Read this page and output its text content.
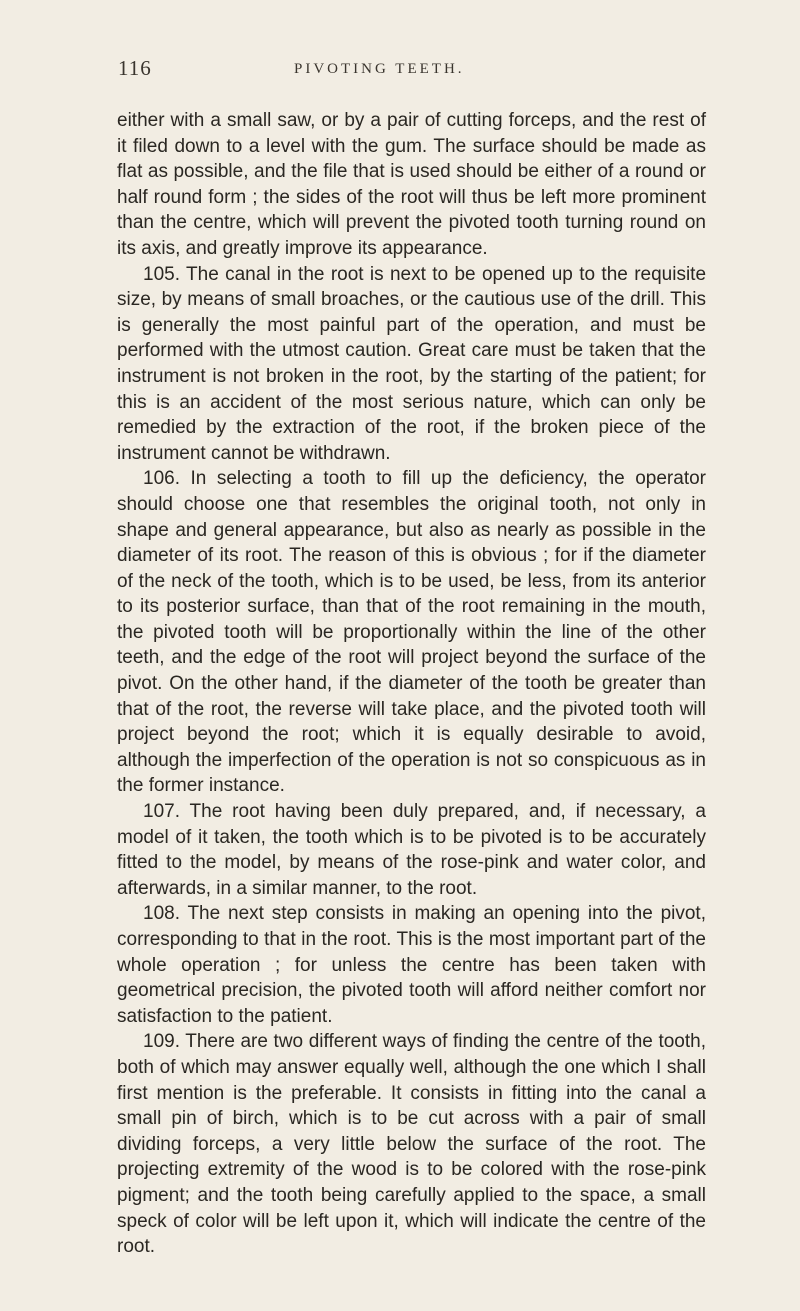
116	PIVOTING TEETH.

either with a small saw, or by a pair of cutting forceps, and the rest of it filed down to a level with the gum. The surface should be made as flat as possible, and the file that is used should be either of a round or half round form ; the sides of the root will thus be left more prominent than the centre, which will prevent the pivoted tooth turning round on its axis, and greatly improve its appearance.

105. The canal in the root is next to be opened up to the requisite size, by means of small broaches, or the cautious use of the drill. This is generally the most painful part of the operation, and must be performed with the utmost caution. Great care must be taken that the instrument is not broken in the root, by the starting of the patient; for this is an accident of the most serious nature, which can only be remedied by the extraction of the root, if the broken piece of the instrument cannot be withdrawn.

106. In selecting a tooth to fill up the deficiency, the operator should choose one that resembles the original tooth, not only in shape and general appearance, but also as nearly as possible in the diameter of its root. The reason of this is obvious ; for if the diameter of the neck of the tooth, which is to be used, be less, from its anterior to its posterior surface, than that of the root remaining in the mouth, the pivoted tooth will be proportionally within the line of the other teeth, and the edge of the root will project beyond the surface of the pivot. On the other hand, if the diameter of the tooth be greater than that of the root, the reverse will take place, and the pivoted tooth will project beyond the root; which it is equally desirable to avoid, although the imperfection of the operation is not so conspicuous as in the former instance.

107. The root having been duly prepared, and, if necessary, a model of it taken, the tooth which is to be pivoted is to be accurately fitted to the model, by means of the rose-pink and water color, and afterwards, in a similar manner, to the root.

108. The next step consists in making an opening into the pivot, corresponding to that in the root. This is the most important part of the whole operation ; for unless the centre has been taken with geometrical precision, the pivoted tooth will afford neither comfort nor satisfaction to the patient.

109. There are two different ways of finding the centre of the tooth, both of which may answer equally well, although the one which I shall first mention is the preferable. It consists in fitting into the canal a small pin of birch, which is to be cut across with a pair of small dividing forceps, a very little below the surface of the root. The projecting extremity of the wood is to be colored with the rose-pink pigment; and the tooth being carefully applied to the space, a small speck of color will be left upon it, which will indicate the centre of the root.
